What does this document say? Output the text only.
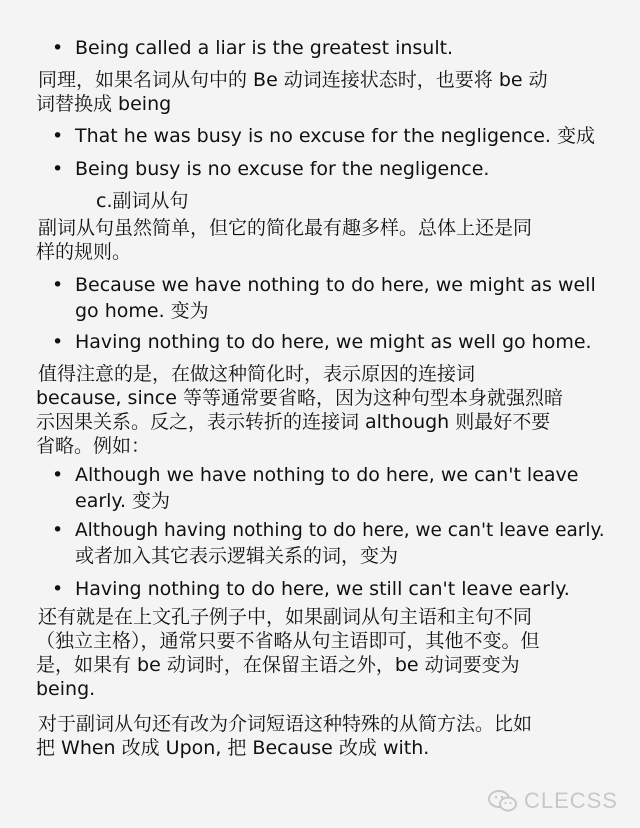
• Being called a liar is the greatest insult.
同理，如果名词从句中的 Be 动词连接状态时，也要将 be 动
词替换成 being
• That he was busy is no excuse for the negligence. 变成
• Being busy is no excuse for the negligence.
c.副词从句
副词从句虽然简单，但它的简化最有趣多样。总体上还是同
样的规则。
• Because we have nothing to do here, we might as well
go home. 变为
• Having nothing to do here, we might as well go home.
值得注意的是，在做这种简化时，表示原因的连接词
because, since 等等通常要省略，因为这种句型本身就强烈暗
示因果关系。反之，表示转折的连接词 although 则最好不要
省略。例如：
• Although we have nothing to do here, we can't leave
early. 变为
• Although having nothing to do here, we can't leave early.
或者加入其它表示逻辑关系的词，变为
• Having nothing to do here, we still can't leave early.
还有就是在上文孔子例子中，如果副词从句主语和主句不同
（独立主格），通常只要不省略从句主语即可，其他不变。但
是，如果有 be 动词时，在保留主语之外，be 动词要变为
being.
对于副词从句还有改为介词短语这种特殊的从简方法。比如
把 When 改成 Upon, 把 Because 改成 with.
CLECSS
